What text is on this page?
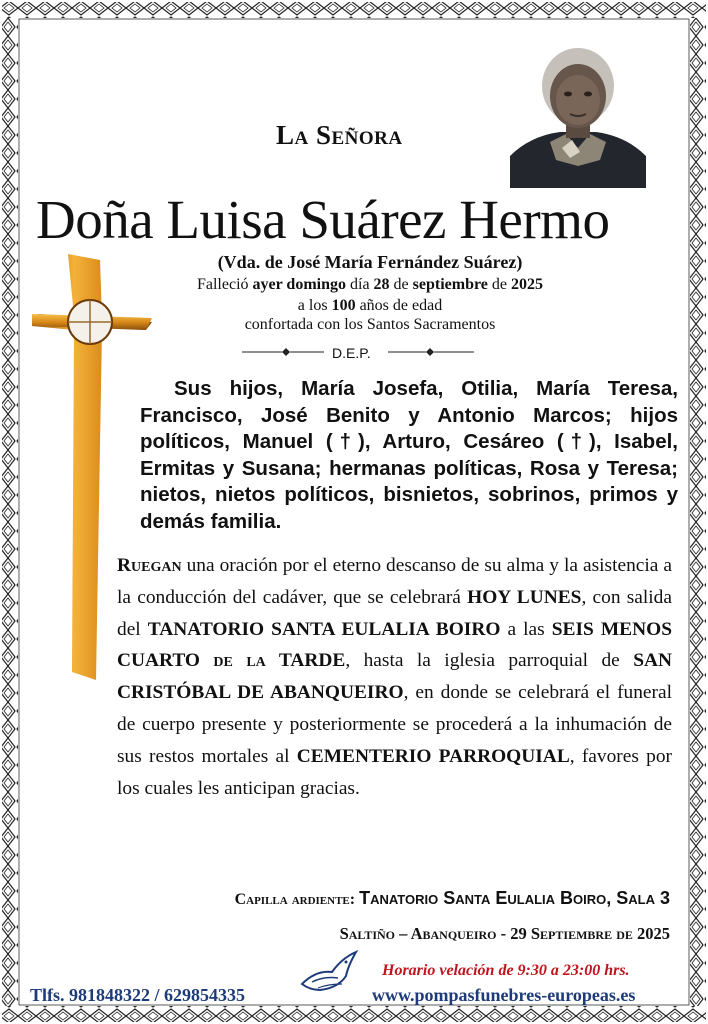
La Señora
Doña Luisa Suárez Hermo
(Vda. de José María Fernández Suárez)
Falleció ayer domingo día 28 de septiembre de 2025
a los 100 años de edad
confortada con los Santos Sacramentos
D.E.P.
Sus hijos, María Josefa, Otilia, María Teresa, Francisco, José Benito y Antonio Marcos; hijos políticos, Manuel (†), Arturo, Cesáreo (†), Isabel, Ermitas y Susana; hermanas políticas, Rosa y Teresa; nietos, nietos políticos, bisnietos, sobrinos, primos y demás familia.
Ruegan una oración por el eterno descanso de su alma y la asistencia a la conducción del cadáver, que se celebrará HOY LUNES, con salida del TANATORIO SANTA EULALIA BOIRO a las SEIS MENOS CUARTO de la TARDE, hasta la iglesia parroquial de SAN CRISTÓBAL DE ABANQUEIRO, en donde se celebrará el funeral de cuerpo presente y posteriormente se procederá a la inhumación de sus restos mortales al CEMENTERIO PARROQUIAL, favores por los cuales les anticipan gracias.
Capilla ardiente: Tanatorio Santa Eulalia Boiro, Sala 3
Saltiño – Abanqueiro - 29 Septiembre de 2025
Horario velación de 9:30 a 23:00 hrs.
Tlfs. 981848322 / 629854335	www.pompasfunebres-europeas.es
